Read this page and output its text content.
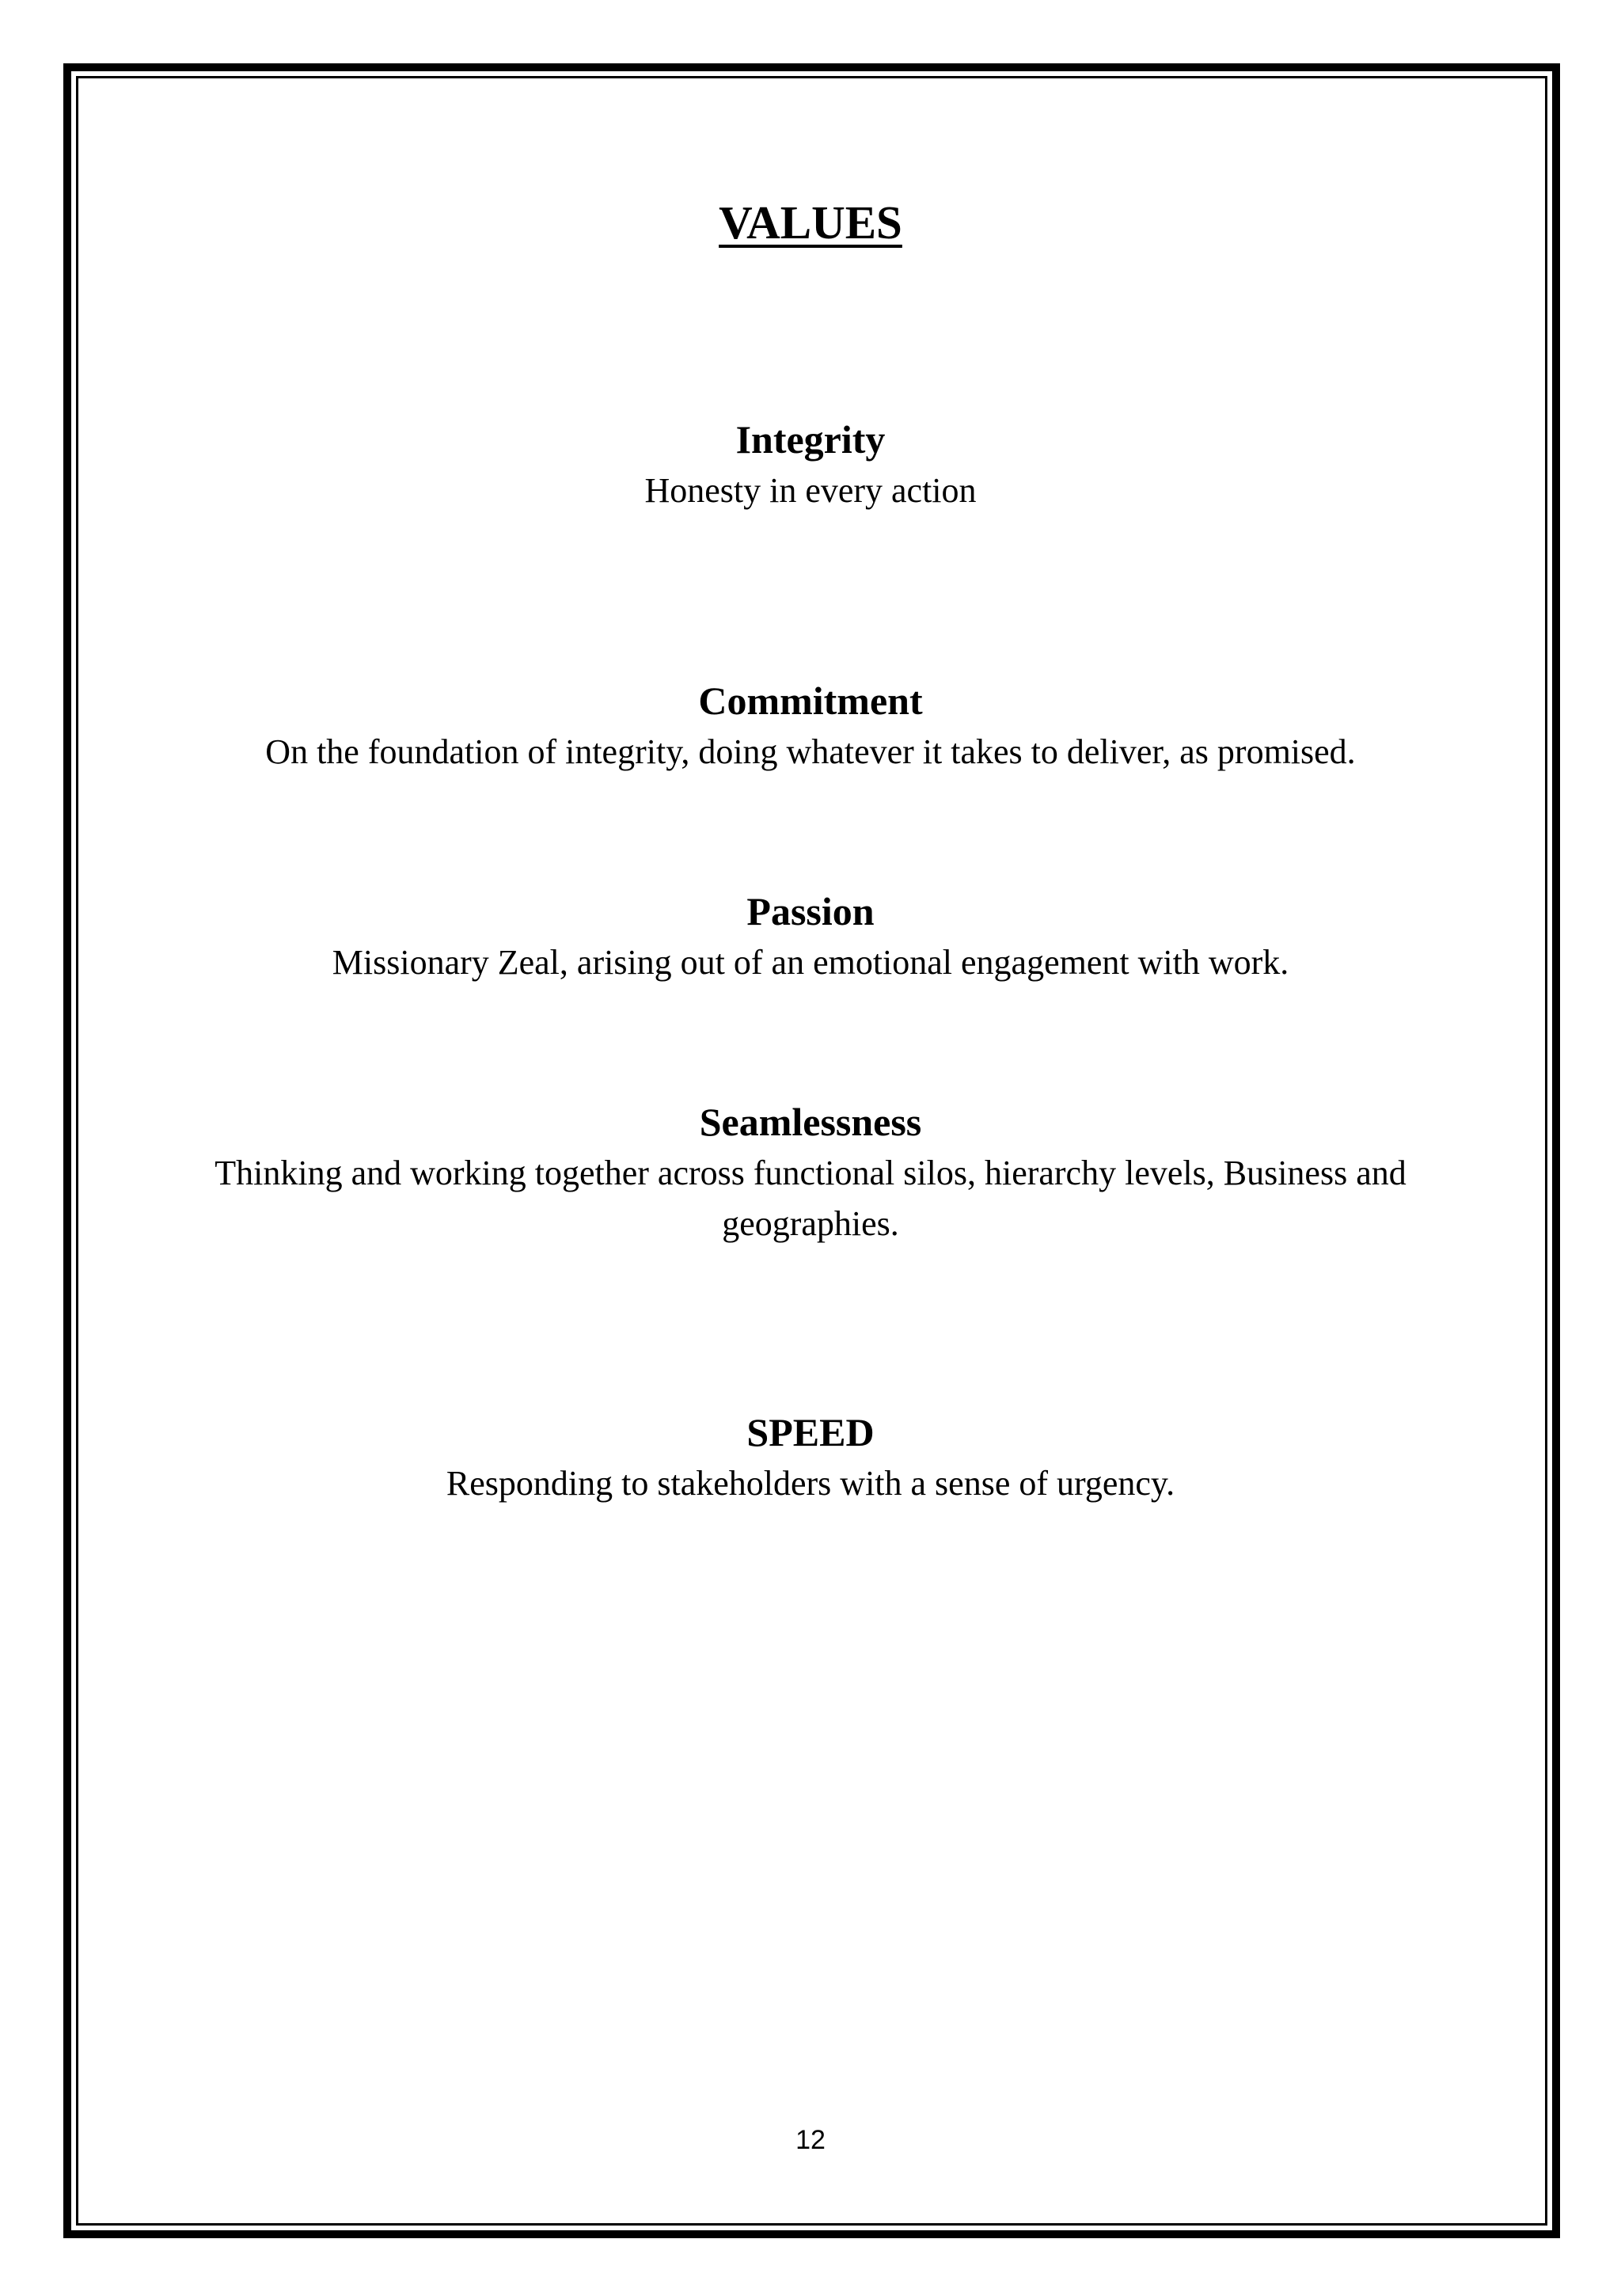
VALUES

Integrity

Honesty in every action

Commitment

On the foundation of integrity, doing whatever it takes to deliver, as promised.

Passion

Missionary Zeal, arising out of an emotional engagement with work.

Seamlessness

Thinking and working together across functional silos, hierarchy levels, Business and geographies.

SPEED

Responding to stakeholders with a sense of urgency.

12
